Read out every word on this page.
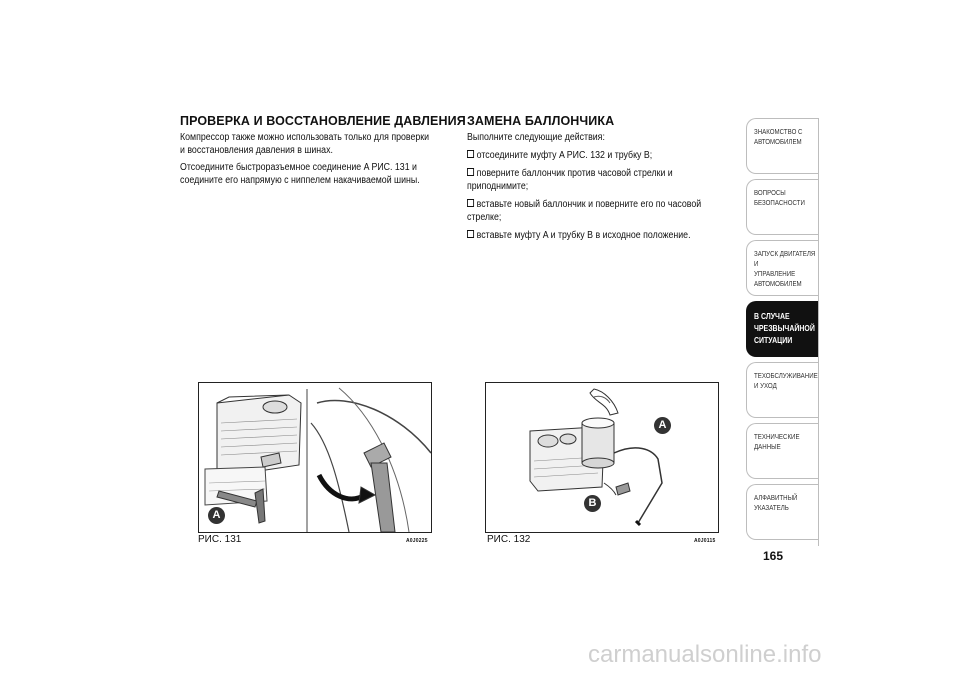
ПРОВЕРКА И ВОССТАНОВЛЕНИЕ ДАВЛЕНИЯ

Компрессор также можно использовать только для проверки и восстановления давления в шинах.

Отсоедините быстроразъемное соединение A РИС. 131 и соедините его напрямую с ниппелем накачиваемой шины.

ЗАМЕНА БАЛЛОНЧИКА

Выполните следующие действия:

отсоедините муфту A РИС. 132 и трубку B;
поверните баллончик против часовой стрелки и приподнимите;
вставьте новый баллончик и поверните его по часовой стрелке;
вставьте муфту A и трубку B в исходное положение.
A
РИС. 131	A0J0225
A
B
РИС. 132	A0J0115
ЗНАКОМСТВО С
АВТОМОБИЛЕМ
ВОПРОСЫ
БЕЗОПАСНОСТИ
ЗАПУСК ДВИГАТЕЛЯ И
УПРАВЛЕНИЕ
АВТОМОБИЛЕМ
В СЛУЧАЕ
ЧРЕЗВЫЧАЙНОЙ
СИТУАЦИИ
ТЕХОБСЛУЖИВАНИЕ
И УХОД
ТЕХНИЧЕСКИЕ
ДАННЫЕ
АЛФАВИТНЫЙ
УКАЗАТЕЛЬ
165
carmanualsonline.info
